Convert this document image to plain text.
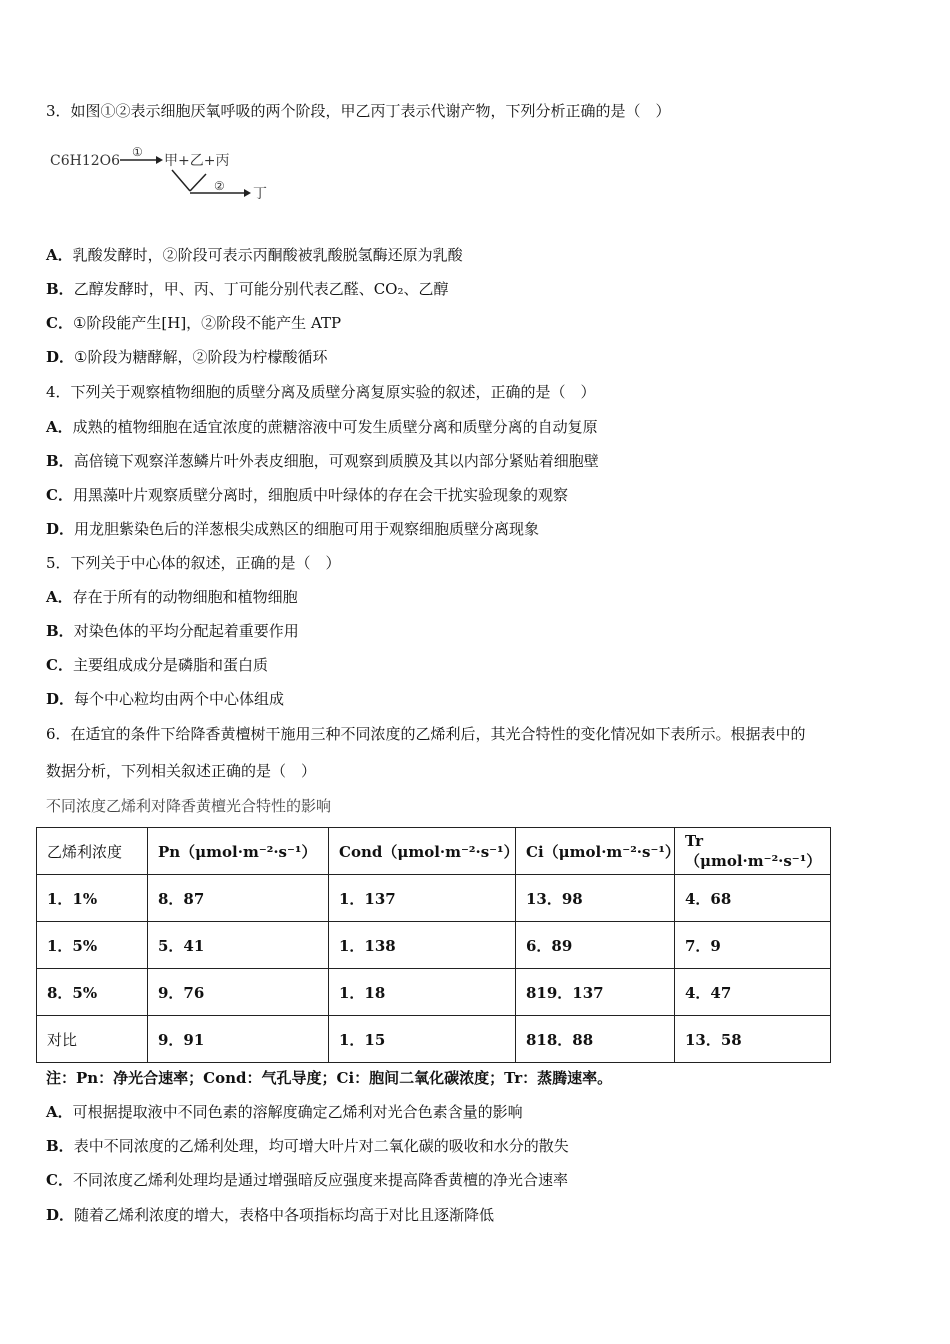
3．如图①②表示细胞厌氧呼吸的两个阶段，甲乙丙丁表示代谢产物，下列分析正确的是（　）
C6H12O6
①
甲+乙+丙
② 丁
A．乳酸发酵时，②阶段可表示丙酮酸被乳酸脱氢酶还原为乳酸
B．乙醇发酵时，甲、丙、丁可能分别代表乙醛、CO₂、乙醇
C．①阶段能产生[H]，②阶段不能产生 ATP
D．①阶段为糖酵解，②阶段为柠檬酸循环
4．下列关于观察植物细胞的质壁分离及质壁分离复原实验的叙述，正确的是（　）
A．成熟的植物细胞在适宜浓度的蔗糖溶液中可发生质壁分离和质壁分离的自动复原
B．高倍镜下观察洋葱鳞片叶外表皮细胞，可观察到质膜及其以内部分紧贴着细胞壁
C．用黑藻叶片观察质壁分离时，细胞质中叶绿体的存在会干扰实验现象的观察
D．用龙胆紫染色后的洋葱根尖成熟区的细胞可用于观察细胞质壁分离现象
5．下列关于中心体的叙述，正确的是（　）
A．存在于所有的动物细胞和植物细胞
B．对染色体的平均分配起着重要作用
C．主要组成成分是磷脂和蛋白质
D．每个中心粒均由两个中心体组成
6．在适宜的条件下给降香黄檀树干施用三种不同浓度的乙烯利后，其光合特性的变化情况如下表所示。根据表中的
数据分析，下列相关叙述正确的是（　）
不同浓度乙烯利对降香黄檀光合特性的影响
乙烯利浓度	Pn（μmol·m⁻²·s⁻¹）	Cond（μmol·m⁻²·s⁻¹）	Ci（μmol·m⁻²·s⁻¹）	Tr（μmol·m⁻²·s⁻¹）
1．1%	8．87	1．137	13．98	4．68
1．5%	5．41	1．138	6．89	7．9
8．5%	9．76	1．18	819．137	4．47
对比	9．91	1．15	818．88	13．58
注：Pn：净光合速率；Cond：气孔导度；Ci：胞间二氧化碳浓度；Tr：蒸腾速率。
A．可根据提取液中不同色素的溶解度确定乙烯利对光合色素含量的影响
B．表中不同浓度的乙烯利处理，均可增大叶片对二氧化碳的吸收和水分的散失
C．不同浓度乙烯利处理均是通过增强暗反应强度来提高降香黄檀的净光合速率
D．随着乙烯利浓度的增大，表格中各项指标均高于对比且逐渐降低
